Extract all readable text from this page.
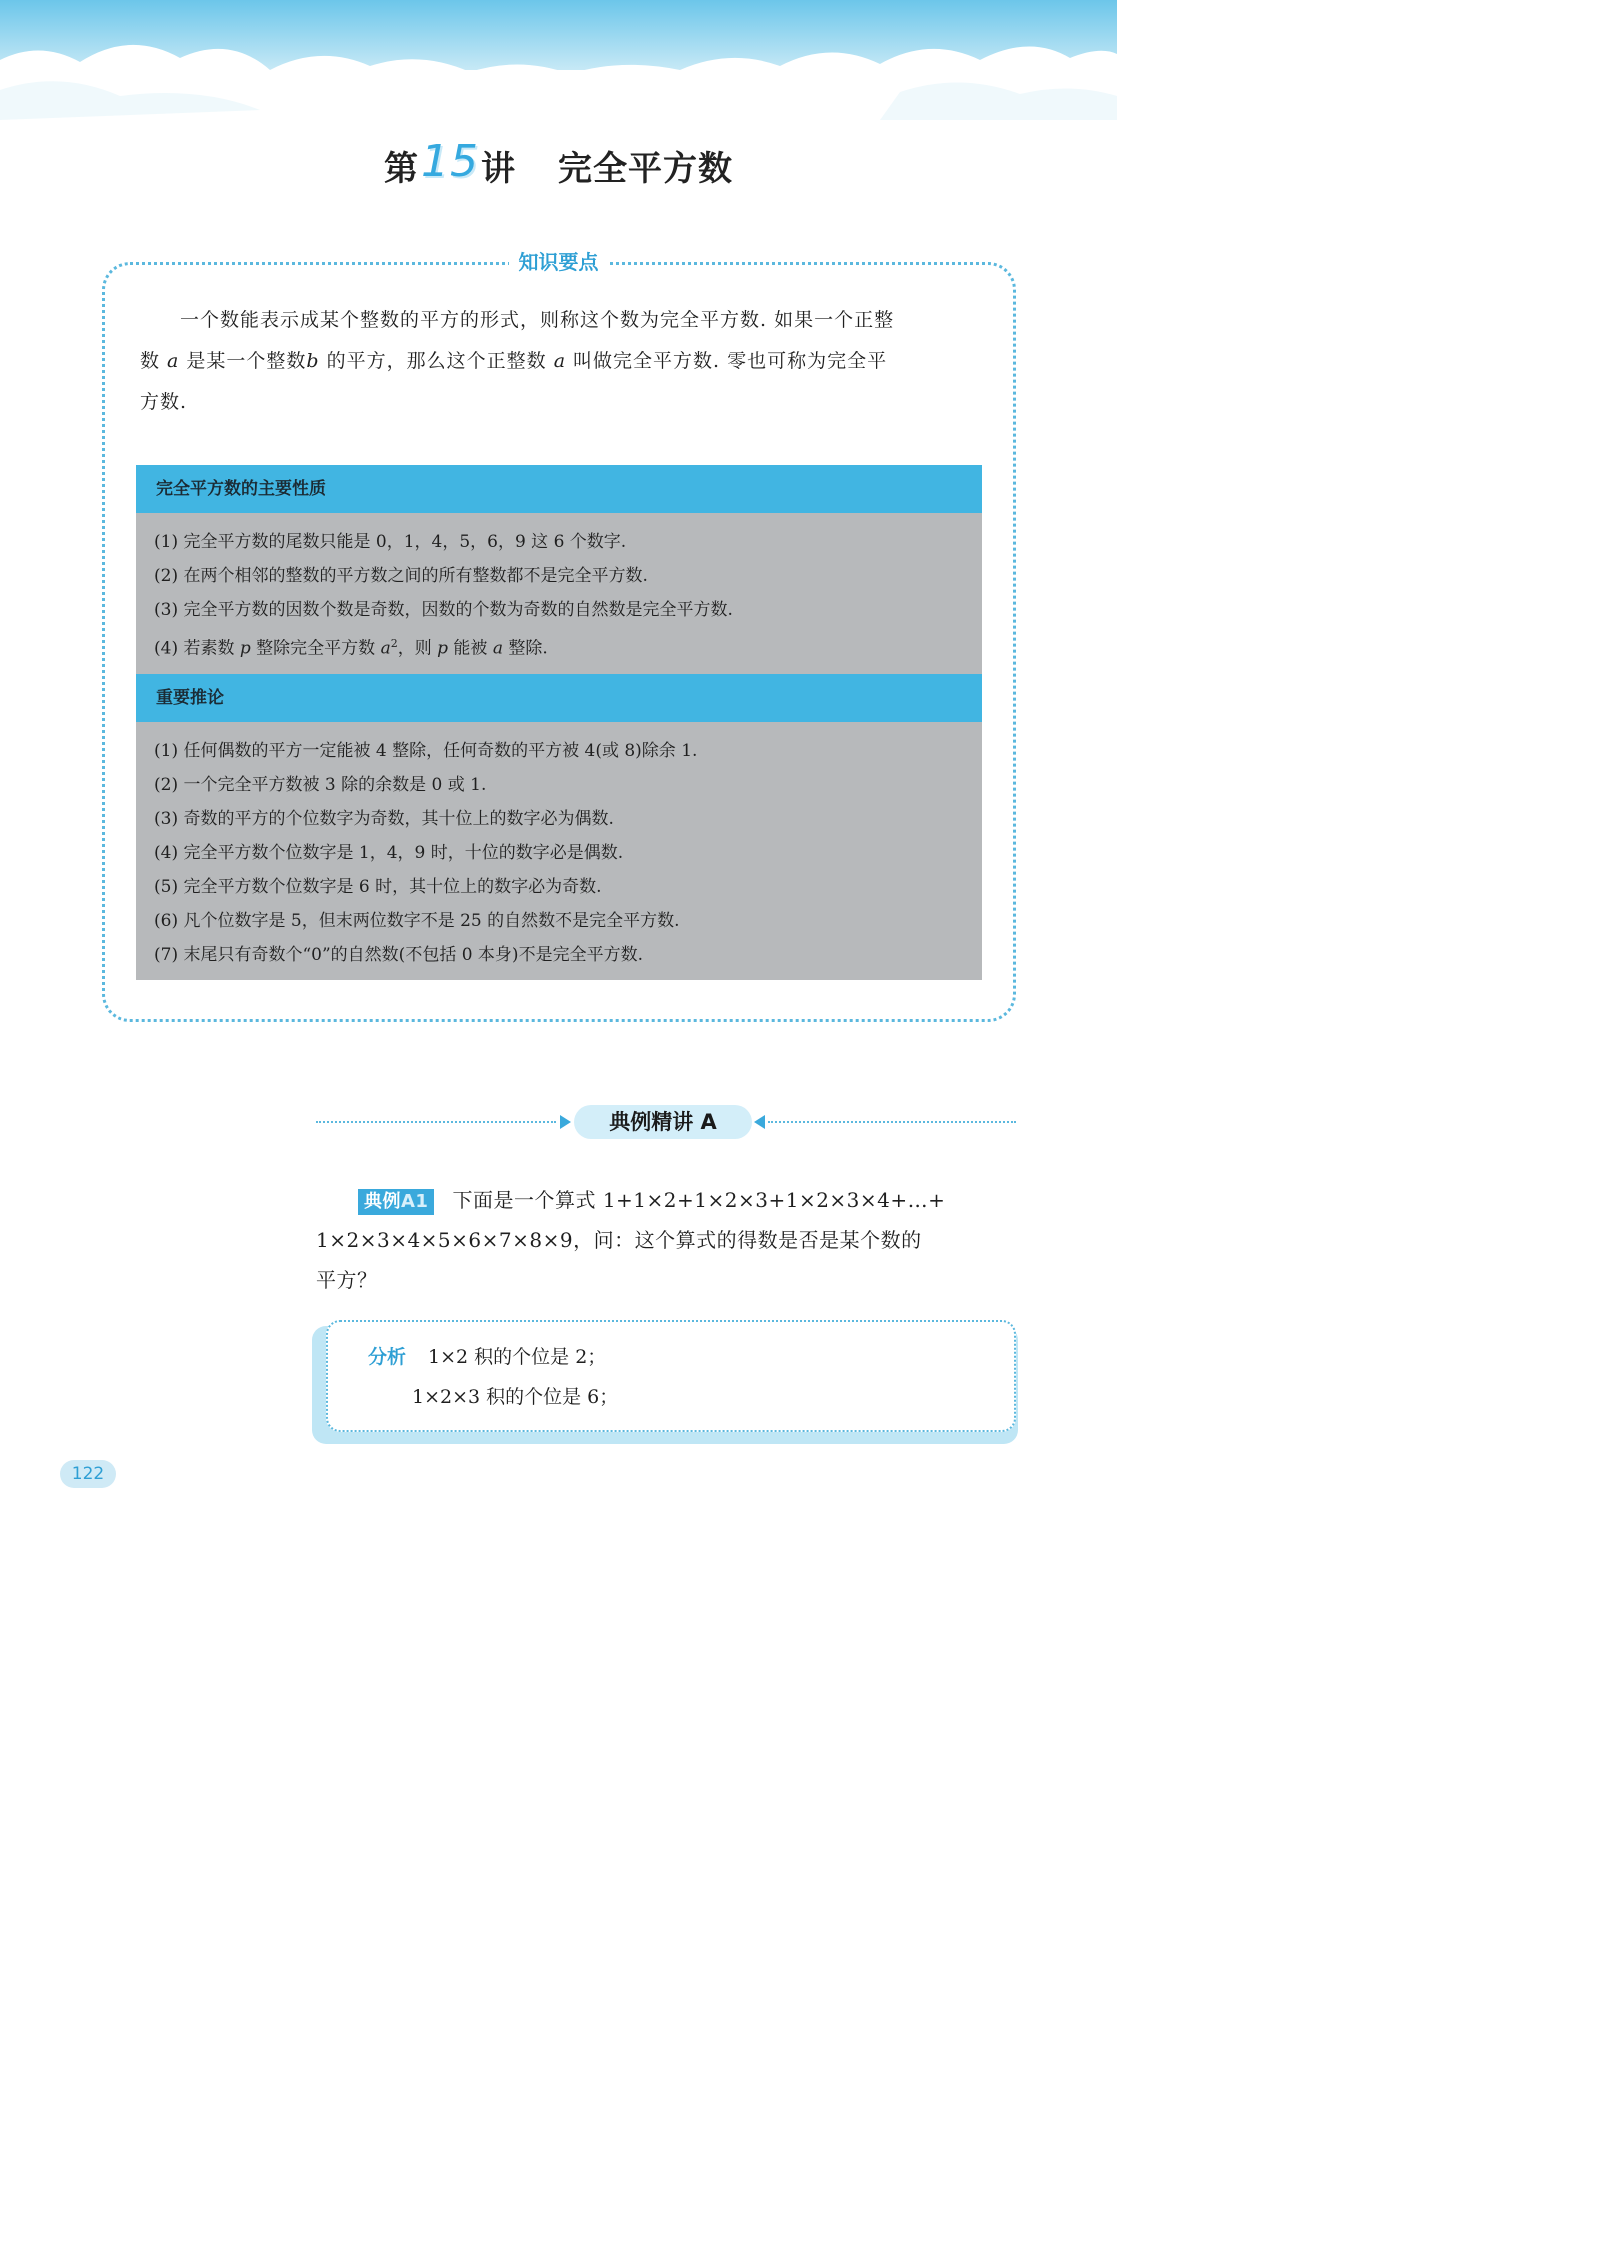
第15讲 完全平方数
知识要点
一个数能表示成某个整数的平方的形式，则称这个数为完全平方数. 如果一个正整
数 a 是某一个整数b 的平方，那么这个正整数 a 叫做完全平方数. 零也可称为完全平
方数.
完全平方数的主要性质
(1) 完全平方数的尾数只能是 0，1，4，5，6，9 这 6 个数字.
(2) 在两个相邻的整数的平方数之间的所有整数都不是完全平方数.
(3) 完全平方数的因数个数是奇数，因数的个数为奇数的自然数是完全平方数.
(4) 若素数 p 整除完全平方数 $a^2$，则 p 能被 a 整除.
重要推论
(1) 任何偶数的平方一定能被 4 整除，任何奇数的平方被 4(或 8)除余 1.
(2) 一个完全平方数被 3 除的余数是 0 或 1.
(3) 奇数的平方的个位数字为奇数，其十位上的数字必为偶数.
(4) 完全平方数个位数字是 1，4，9 时，十位的数字必是偶数.
(5) 完全平方数个位数字是 6 时，其十位上的数字必为奇数.
(6) 凡个位数字是 5，但末两位数字不是 25 的自然数不是完全平方数.
(7) 末尾只有奇数个“0”的自然数(不包括 0 本身)不是完全平方数.
典例精讲 A
典例A1 下面是一个算式 1+1×2+1×2×3+1×2×3×4+…+
1×2×3×4×5×6×7×8×9，问：这个算式的得数是否是某个数的
平方？
分析 1×2 积的个位是 2；
1×2×3 积的个位是 6；
122
